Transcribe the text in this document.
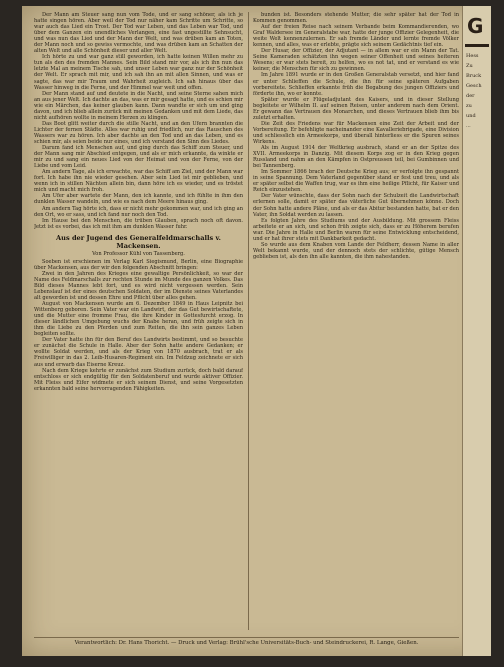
Der Mann am Steuer sang nun vom Tode, und er sang schöner, als ich je hatte singen hören. Aber weil der Tod nur näher kam Schritte um Schritte, so war auch das Lied ein Trost. Der Tod war Leben, und das Leben war Tod, und über dem Ganzen ein unendliches Verlangen, eine fast ungestillte Sehnsucht, und was nun das Lied und der Mann der Welt, und was drüben kam an Toten, der Mann noch und so gewiss vermochte, und was drüben kam an Schatten der alten Welt und alle Schönheit dieser und aller Welt.

Ich hörte zu und war ganz still geworden, ich hatte keinen Willen mehr zu tun als den des fremden Mannes. Sein Bild stand mir vor, als ich ihn nun das letzte Mal an meinem Tische sah, und unser Leben war ganz nur der Schönheit der Welt. Er sprach mit mir, und ich sah ihn an mit allen Sinnen, und was er sagte, das war mir Traum und Wahrheit zugleich. Ich sah hinaus über das Wasser hinweg in die Ferne, und der Himmel war weit und offen.

Der Mann stand auf und deutete in die Nacht, und seine Sterne sahen mich an aus jener Welt. Ich dachte an das, was er mir gesagt hatte, und es schien mir wie ein Märchen, das keiner glauben kann. Dann wandte er sich um und ging davon, und ich blieb allein zurück mit meinen Gedanken und mit dem Liede, das nicht aufhören wollte in meinem Herzen zu klingen.

Das Boot glitt weiter durch die stille Nacht, und an den Ufern brannten die Lichter der fernen Städte. Alles war ruhig und friedlich, nur das Rauschen des Wassers war zu hören. Ich aber dachte an den Tod und an das Leben, und es schien mir, als seien beide nur eines, und ich verstand den Sinn des Liedes.

Darum fand ich Menschen auf, und ging durch das Schiff zum Steuer, und der Mann sang mir Abschied entgegen, und als er mich erkannte, da winkte er mir zu und sang ein neues Lied von der Heimat und von der Ferne, von der Liebe und vom Leid.

Am andern Tage, als ich erwachte, war das Schiff am Ziel, und der Mann war fort. Ich habe ihn nie wieder gesehen. Aber sein Lied ist mir geblieben, und wenn ich in stillen Nächten allein bin, dann höre ich es wieder, und es tröstet mich und macht mich froh.

Am Ufer aber wartete der Mann, den ich kannte, und ich fühlte in ihm den dunklen Wasser wandeln, und wie es nach dem Meere hinaus ging.

Am andern Tag hörte ich, dass er nicht mehr gekommen war, und ich ging an den Ort, wo er sass, und ich fand nur noch den Tod.

Im Hause bei den Menschen, die trüben Glauben, sprach noch oft davon. Jetzt ist es vorbei, das ich mit ihm am dunklen Wasser fuhr.

Aus der Jugend des Generalfeldmarschalls v. Mackensen.
Von Professor Kühl von Tassenberg.

Soeben ist erschienen im Verlag Karl Siegismund, Berlin, eine Biographie über Mackensen, aus der wir den folgenden Abschnitt bringen:

Zwei in den Jahren des Krieges eine gewaltige Persönlichkeit, so war der Name des Feldmarschalls zur rechten Stunde im Munde des ganzen Volkes. Das Bild dieses Mannes lebt fort, und es wird nicht vergessen werden. Sein Lebenslauf ist der eines deutschen Soldaten, der im Dienste seines Vaterlandes alt geworden ist und dessen Ehre und Pflicht über alles gehen.

August von Mackensen wurde am 6. Dezember 1849 in Haus Leipnitz bei Wittenberg geboren. Sein Vater war ein Landwirt, der das Gut bewirtschaftete, und die Mutter eine fromme Frau, die ihre Kinder in Gottesfurcht erzog. In dieser ländlichen Umgebung wuchs der Knabe heran, und früh zeigte sich in ihm die Liebe zu den Pferden und zum Reiten, die ihn sein ganzes Leben begleiten sollte.

Der Vater hatte ihn für den Beruf des Landwirts bestimmt, und so besuchte er zunächst die Schule in Halle. Aber der Sohn hatte andere Gedanken; er wollte Soldat werden, und als der Krieg von 1870 ausbrach, trat er als Freiwilliger in das 2. Leib-Husaren-Regiment ein. Im Feldzug zeichnete er sich aus und erwarb das Eiserne Kreuz.

Nach dem Kriege kehrte er zunächst zum Studium zurück, doch bald darauf entschloss er sich endgültig für den Soldatenberuf und wurde aktiver Offizier. Mit Fleiss und Eifer widmete er sich seinem Dienst, und seine Vorgesetzten erkannten bald seine hervorragenden Fähigkeiten.

bunden ist. Besonders stehende Mutter, die sehr später hat der Tod in Kommen genommen.

Auf der freien Reise nach seinem Verbande beim Kommandierenden, wo Graf Waldersee im Generalstabe war, hatte der junge Offizier Gelegenheit, die weite Welt kennenzulernen. Er sah fremde Länder und lernte fremde Völker kennen, und alles, was er erlebte, prägte sich seinem Gedächtnis tief ein.

Der Husar, der Offizier, der Adjutant — in allem war er ein Mann der Tat. Seine Kameraden schätzten ihn wegen seiner Offenheit und seines heiteren Wesens; er war stets bereit, zu helfen, wo es not tat, und er verstand es wie keiner, die Menschen für sich zu gewinnen.

Im Jahre 1891 wurde er in den Großen Generalstab versetzt, und hier fand er unter Schlieffen die Schule, die ihn für seine späteren Aufgaben vorbereitete. Schlieffen erkannte früh die Begabung des jungen Offiziers und förderte ihn, wo er konnte.

Später wurde er Flügeladjutant des Kaisers, und in dieser Stellung begleitete er Wilhelm II. auf seinen Reisen, unter anderem nach dem Orient. Er gewann das Vertrauen des Monarchen, und dieses Vertrauen blieb ihm bis zuletzt erhalten.

Die Zeit des Friedens war für Mackensen eine Zeit der Arbeit und der Vorbereitung. Er befehligte nacheinander eine Kavalleriebrigade, eine Division und schliesslich ein Armeekorps, und überall hinterliess er die Spuren seines Wirkens.

Als im August 1914 der Weltkrieg ausbrach, stand er an der Spitze des XVII. Armeekorps in Danzig. Mit diesem Korps zog er in den Krieg gegen Russland und nahm an den Kämpfen in Ostpreussen teil, bei Gumbinnen und bei Tannenberg.

Im Sommer 1866 brach der Deutsche Krieg aus; er verfolgte ihn gespannt in seine Spannung. Dem Vaterland gegenüber stand er fest und treu, und als er später selbst die Waffen trug, war es ihm eine heilige Pflicht, für Kaiser und Reich einzustehen.

Der Vater wünschte, dass der Sohn nach der Schulzeit die Landwirtschaft erlernen solle, damit er später das väterliche Gut übernehmen könne. Doch der Sohn hatte andere Pläne, und als er das Abitur bestanden hatte, bat er den Vater, ihn Soldat werden zu lassen.

Es folgten Jahre des Studiums und der Ausbildung. Mit grossem Fleiss arbeitete er an sich, und schon früh zeigte sich, dass er zu Höherem berufen war. Die Jahre in Halle und Berlin waren für seine Entwicklung entscheidend, und er hat ihrer stets mit Dankbarkeit gedacht.

So wurde aus dem Knaben vom Lande der Feldherr, dessen Name in aller Welt bekannt wurde, und der dennoch stets der schlichte, gütige Mensch geblieben ist, als den ihn alle kannten, die ihm nahestanden.

Verantwortlich: Dr. Hans Thoricht. — Druck und Verlag: Brühl'sche Universitäts-Buch- und Steindruckerei, R. Lange, Gießen.
G
Hess
Zu
Bruck
Gesch
der
zu
und
...
